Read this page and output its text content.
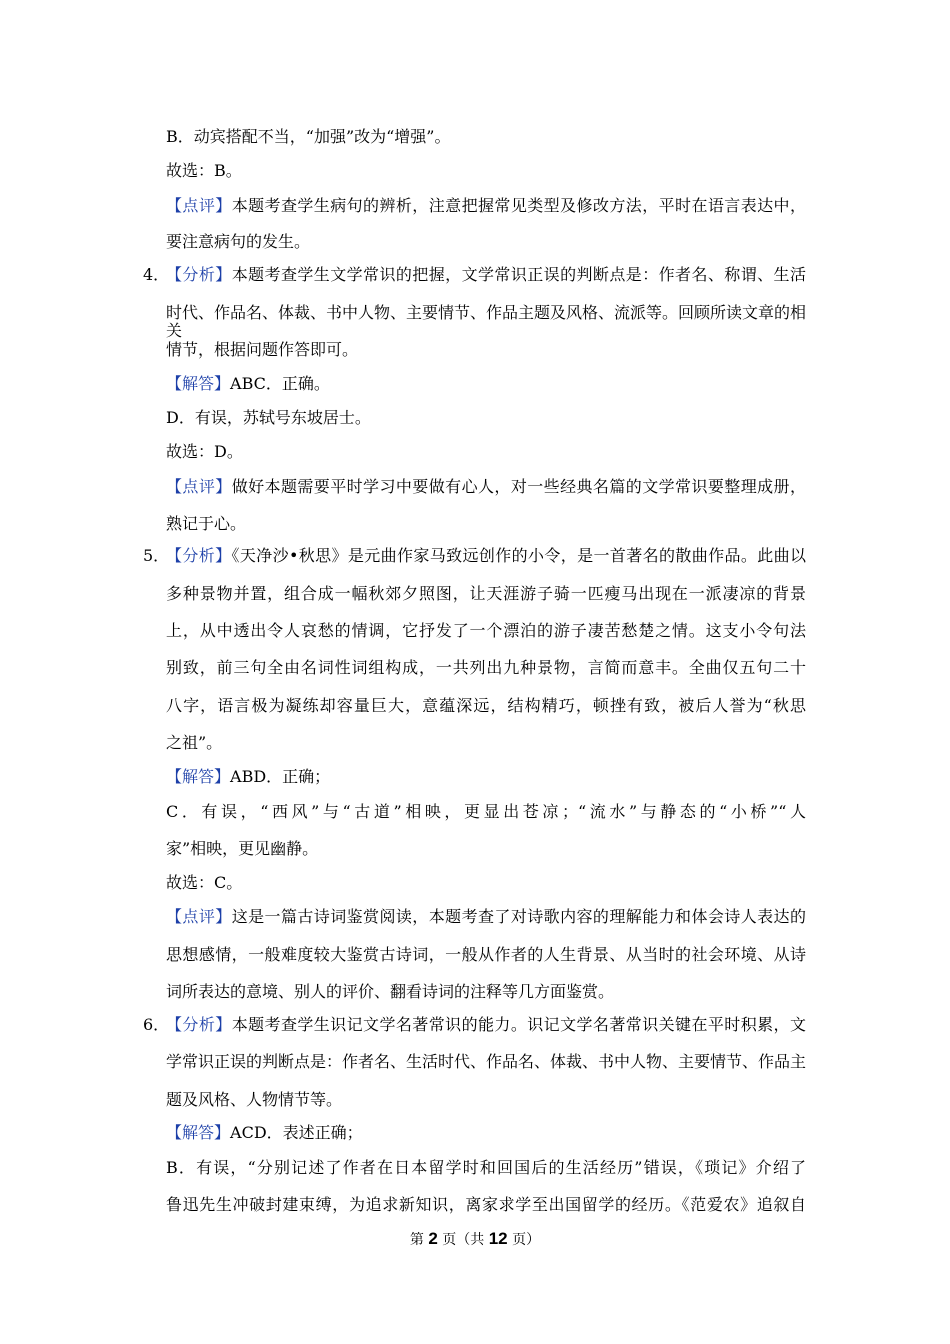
B．动宾搭配不当，“加强”改为“增强”。
故选：B。
【点评】本题考查学生病句的辨析，注意把握常见类型及修改方法，平时在语言表达中，
要注意病句的发生。
4．
【分析】本题考查学生文学常识的把握，文学常识正误的判断点是：作者名、称谓、生活
时代、作品名、体裁、书中人物、主要情节、作品主题及风格、流派等。回顾所读文章的相关
情节，根据问题作答即可。
【解答】ABC．正确。
D．有误，苏轼号东坡居士。
故选：D。
【点评】做好本题需要平时学习中要做有心人，对一些经典名篇的文学常识要整理成册，
熟记于心。
5．
【分析】《天净沙•秋思》是元曲作家马致远创作的小令，是一首著名的散曲作品。此曲以
多种景物并置，组合成一幅秋郊夕照图，让天涯游子骑一匹瘦马出现在一派凄凉的背景
上，从中透出令人哀愁的情调，它抒发了一个漂泊的游子凄苦愁楚之情。这支小令句法
别致，前三句全由名词性词组构成，一共列出九种景物，言简而意丰。全曲仅五句二十
八字，语言极为凝练却容量巨大，意蕴深远，结构精巧，顿挫有致，被后人誉为“秋思
之祖”。
【解答】ABD．正确；
C．有误，“西风”与“古道”相映，更显出苍凉；“流水”与静态的“小桥”“人
家”相映，更见幽静。
故选：C。
【点评】这是一篇古诗词鉴赏阅读，本题考查了对诗歌内容的理解能力和体会诗人表达的
思想感情，一般难度较大鉴赏古诗词，一般从作者的人生背景、从当时的社会环境、从诗
词所表达的意境、别人的评价、翻看诗词的注释等几方面鉴赏。
6．
【分析】本题考查学生识记文学名著常识的能力。识记文学名著常识关键在平时积累，文
学常识正误的判断点是：作者名、生活时代、作品名、体裁、书中人物、主要情节、作品主
题及风格、人物情节等。
【解答】ACD．表述正确；
B．有误，“分别记述了作者在日本留学时和回国后的生活经历”错误，《琐记》介绍了
鲁迅先生冲破封建束缚，为追求新知识，离家求学至出国留学的经历。《范爱农》追叙自
第 2 页（共 12 页）
